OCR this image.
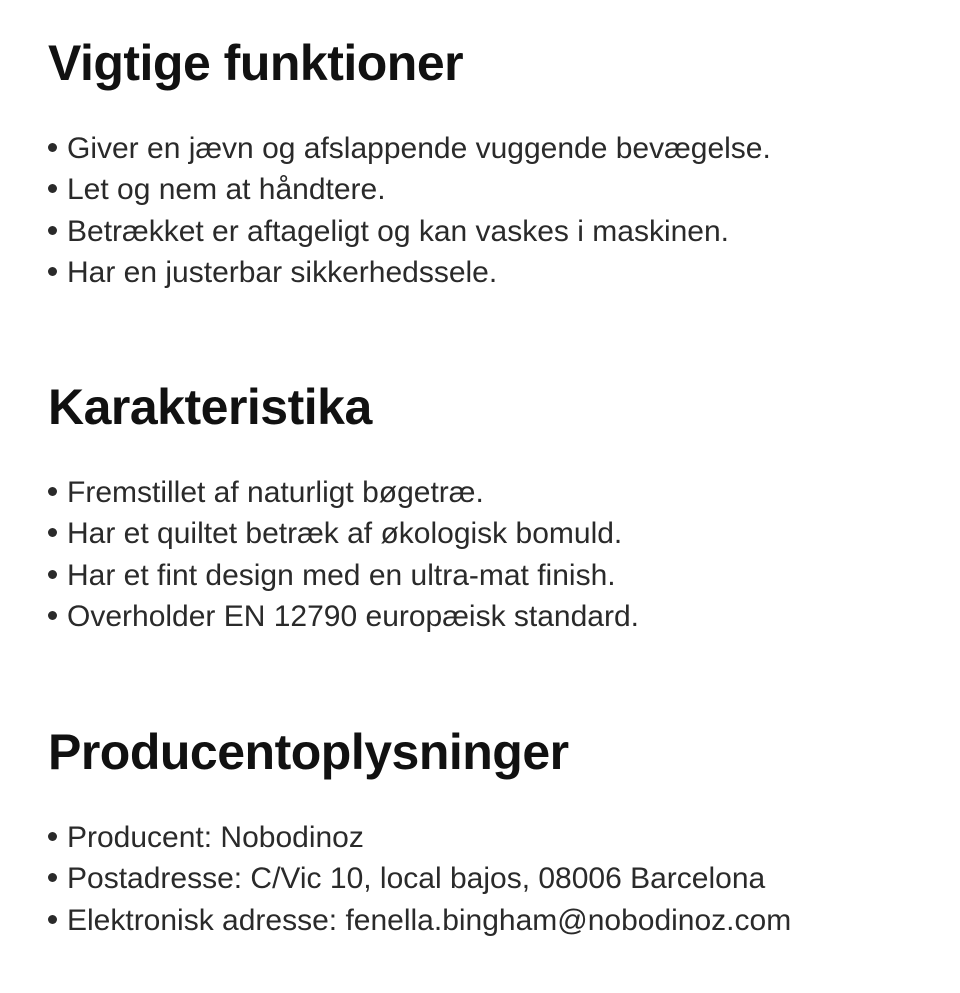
Vigtige funktioner
Giver en jævn og afslappende vuggende bevægelse.
Let og nem at håndtere.
Betrækket er aftageligt og kan vaskes i maskinen.
Har en justerbar sikkerhedssele.
Karakteristika
Fremstillet af naturligt bøgetræ.
Har et quiltet betræk af økologisk bomuld.
Har et fint design med en ultra-mat finish.
Overholder EN 12790 europæisk standard.
Producentoplysninger
Producent: Nobodinoz
Postadresse: C/Vic 10, local bajos, 08006 Barcelona
Elektronisk adresse: fenella.bingham@nobodinoz.com
